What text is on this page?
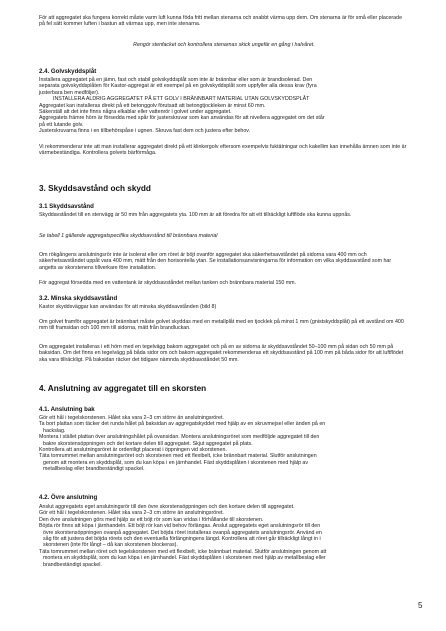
För att aggregatet ska fungera korrekt måste varm luft kunna föda fritt mellan stenarna och snabbt värma upp dem. Om stenarna är för små eller placerade på fel sätt kommer luften i bastun att värmas upp, men inte stenarna.

Rengör stenfacket och kontrollera stenarnas skick ungefär en gång i halvåret.

2.4. Golvskyddsplåt

Installera aggregatet på en jämn, fast och stabil golvskyddsplåt som inte är brännbar eller som är brandisolerad. Den

separata golvskyddsplåten för Kastor-aggregat är ett exempel på en golvskyddsplåt som uppfyller alla dessa krav (fyra

justerbara ben medföljer).

INSTALLERA ALDRIG AGGREGATET PÅ ETT GOLV I BRÄNNBART MATERIAL UTAN GOLVSKYDDSPLÅT

Aggregatet kan installeras direkt på ett betonggolv förutsatt att betongtjockleken är minst 60 mm.

Säkerställ att det inte finns några elkablar eller vattenrör i golvet under aggregatet.

Aggregatets främre hörn är försedda med spår för justerskruvar som kan användas för att nivellera aggregatet om det står

på ett lutande golv.

Justerskruvarna finns i en tillbehörspåse i ugnen. Skruva fast dem och justera efter behov.

Vi rekommenderar inte att man installerar aggregatet direkt på ett klinkergolv eftersom exempelvis fuktätningar och kakellim kan innehålla ämnen som inte är värmebeständiga. Kontrollera golvets bärförmåga.

3. Skyddsavstånd och skydd

3.1 Skyddsavstånd

Skyddavståndet till en stenvägg är 50 mm från aggregatets yta. 100 mm är att föredra för att ett tillräckligt luftflöde ska kunna uppnås.

Se tabell 1 gällande aggregatspecifika skyddsavstånd till brännbara material

Om rökgångens anslutningsrör inte är isolerat eller om röret är böjt ovanför aggregatet ska säkerhetsavståndet på sidorna vara 400 mm och säkerhetsavståndet uppåt vara 400 mm, mätt från den horisontella ytan. Se installationsanvisningarna för information om vilka skyddsavstånd som har angetts av skorstenens tillverkare före installation.

För aggregat försedda med en vattentank är skyddsavståndet mellan tanken och brännbara material 150 mm.

3.2. Minska skyddsavstånd

Kastor skyddsväggar kan användas för att minska skyddsavstånden (bild 8)

Om golvet framför aggregatet är brännbart måste golvet skyddas med en metallplåt med en tjocklek på minst 1 mm (gnistskyddsplåt) på ett avstånd om 400 mm till framsidan och 100 mm till sidorna, mätt från brandluckan.

Om aggregatet installeras i ett hörn med en tegelvägg bakom aggregatet och på en av sidorna är skyddsavståndet 50–100 mm på sidan och 50 mm på baksidan. Om det finns en tegelvägg på båda sidor om och bakom aggregatet rekommenderas ett skyddsavstånd på 100 mm på båda sidor för att luftflödet ska vara tillräckligt. På baksidan räcker det tidigare nämnda skyddsavståndet 50 mm.

4. Anslutning av aggregatet till en skorsten

4.1. Anslutning bak

Gör ett hål i tegelskorstenen. Hålet ska vara 2–3 cm större än anslutningsröret.

Ta bort plattan som täcker det runda hålet på baksidan av aggregatskyddet med hjälp av en skruvmejsel eller änden på en

hackslag.

Montera i stället plattan över anslutningshålet på ovansidan. Montera anslutningsröret som medföljde aggregatet till den

bakre skorstensöppningen och det kortare delen till aggregatet. Skjut aggregatet på plats.

Kontrollera att anslutningsröret är ordentligt placerat i öppningen vid skorstenen.

Täta tomrummet mellan anslutningsröret och skorstenen med ett flexibelt, icke brännbart material. Slutför anslutningen

genom att montera en skyddsplåt, som du kan köpa i en järnhandel. Fäst skyddsplåten i skorstenen med hjälp av

metallbeslag eller brandbeständigt spackel.

4.2. Övre anslutning

Anslut aggregatets eget anslutningsrör till den övre skorstensöppningen och den kortare delen till aggregatet.

Gör ett hål i tegelskorstenen. Hålet ska vara 2–3 cm större än anslutningsröret.

Den övre anslutningen görs med hjälp av ett böjt rör som kan vridas i förhållande till skorstenen.

Böjda rör finns att köpa i järnhandeln. Ett böjt rör kan vid behov förlängas. Anslut aggregatets eget anslutningsrör till den

övre skorstensöppningen ovanpå aggregatet. Det böjda röret installeras ovanpå aggregatets anslutningsrör. Använd en

såg för att justera det böjda rörets och den eventuella förlängningens längd. Kontrollera att röret går tillräckligt långt in i

skorstenen (inte för långt – då kan skorstenen blockeras).

Täta tomrummet mellan röret och tegelskorstenen med ett flexibelt, icke brännbart material. Slutför anslutningen genom att

montera en skyddsplåt, som du kan köpa i en järnhandel. Fäst skyddsplåten i skorstenen med hjälp av metallbeslag eller

brandbeständigt spackel.

5
